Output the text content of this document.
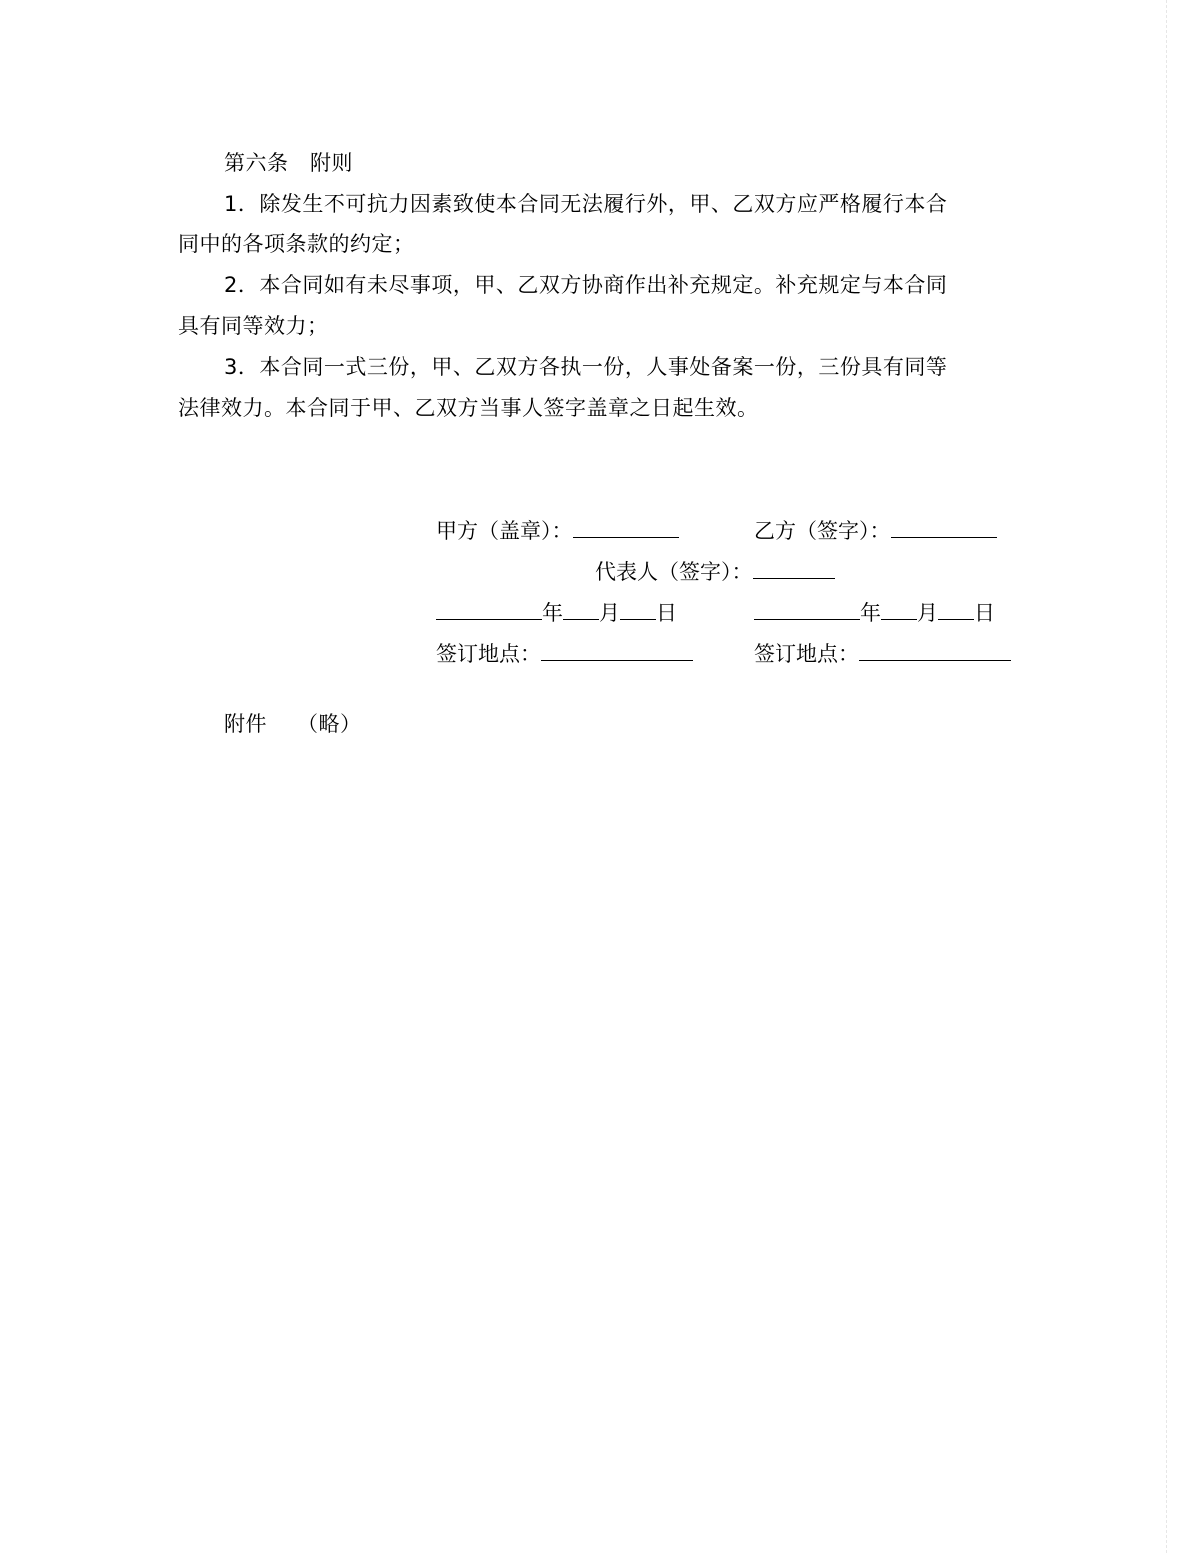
第六条　附则
1．除发生不可抗力因素致使本合同无法履行外，甲、乙双方应严格履行本合
同中的各项条款的约定；
2．本合同如有未尽事项，甲、乙双方协商作出补充规定。补充规定与本合同
具有同等效力；
3．本合同一式三份，甲、乙双方各执一份，人事处备案一份，三份具有同等
法律效力。本合同于甲、乙双方当事人签字盖章之日起生效。
甲方（盖章）：	乙方（签字）：
代表人（签字）：
年 月 日	年 月 日
签订地点：	签订地点：
附件 （略）
